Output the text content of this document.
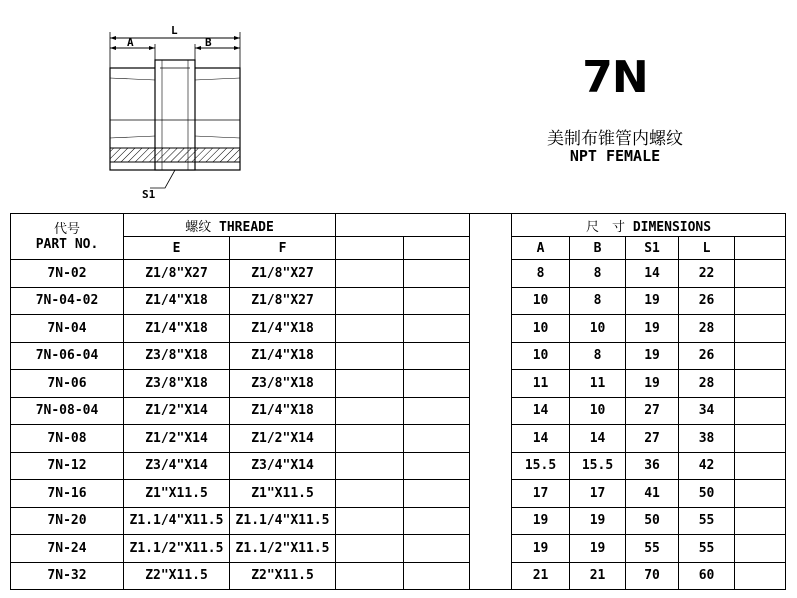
L
A	B
S1
7N
美制布锥管内螺纹
NPT FEMALE
代号
PART NO.	螺纹 THREADE					尺　寸 DIMENSIONS				
	E	F				A	B	S1	L	
7N-02	Z1/8"X27	Z1/8"X27				8	8	14	22	
7N-04-02	Z1/4"X18	Z1/8"X27				10	8	19	26	
7N-04	Z1/4"X18	Z1/4"X18				10	10	19	28	
7N-06-04	Z3/8"X18	Z1/4"X18				10	8	19	26	
7N-06	Z3/8"X18	Z3/8"X18				11	11	19	28	
7N-08-04	Z1/2"X14	Z1/4"X18				14	10	27	34	
7N-08	Z1/2"X14	Z1/2"X14				14	14	27	38	
7N-12	Z3/4"X14	Z3/4"X14				15.5	15.5	36	42	
7N-16	Z1"X11.5	Z1"X11.5				17	17	41	50	
7N-20	Z1.1/4"X11.5	Z1.1/4"X11.5				19	19	50	55	
7N-24	Z1.1/2"X11.5	Z1.1/2"X11.5				19	19	55	55	
7N-32	Z2"X11.5	Z2"X11.5				21	21	70	60	
